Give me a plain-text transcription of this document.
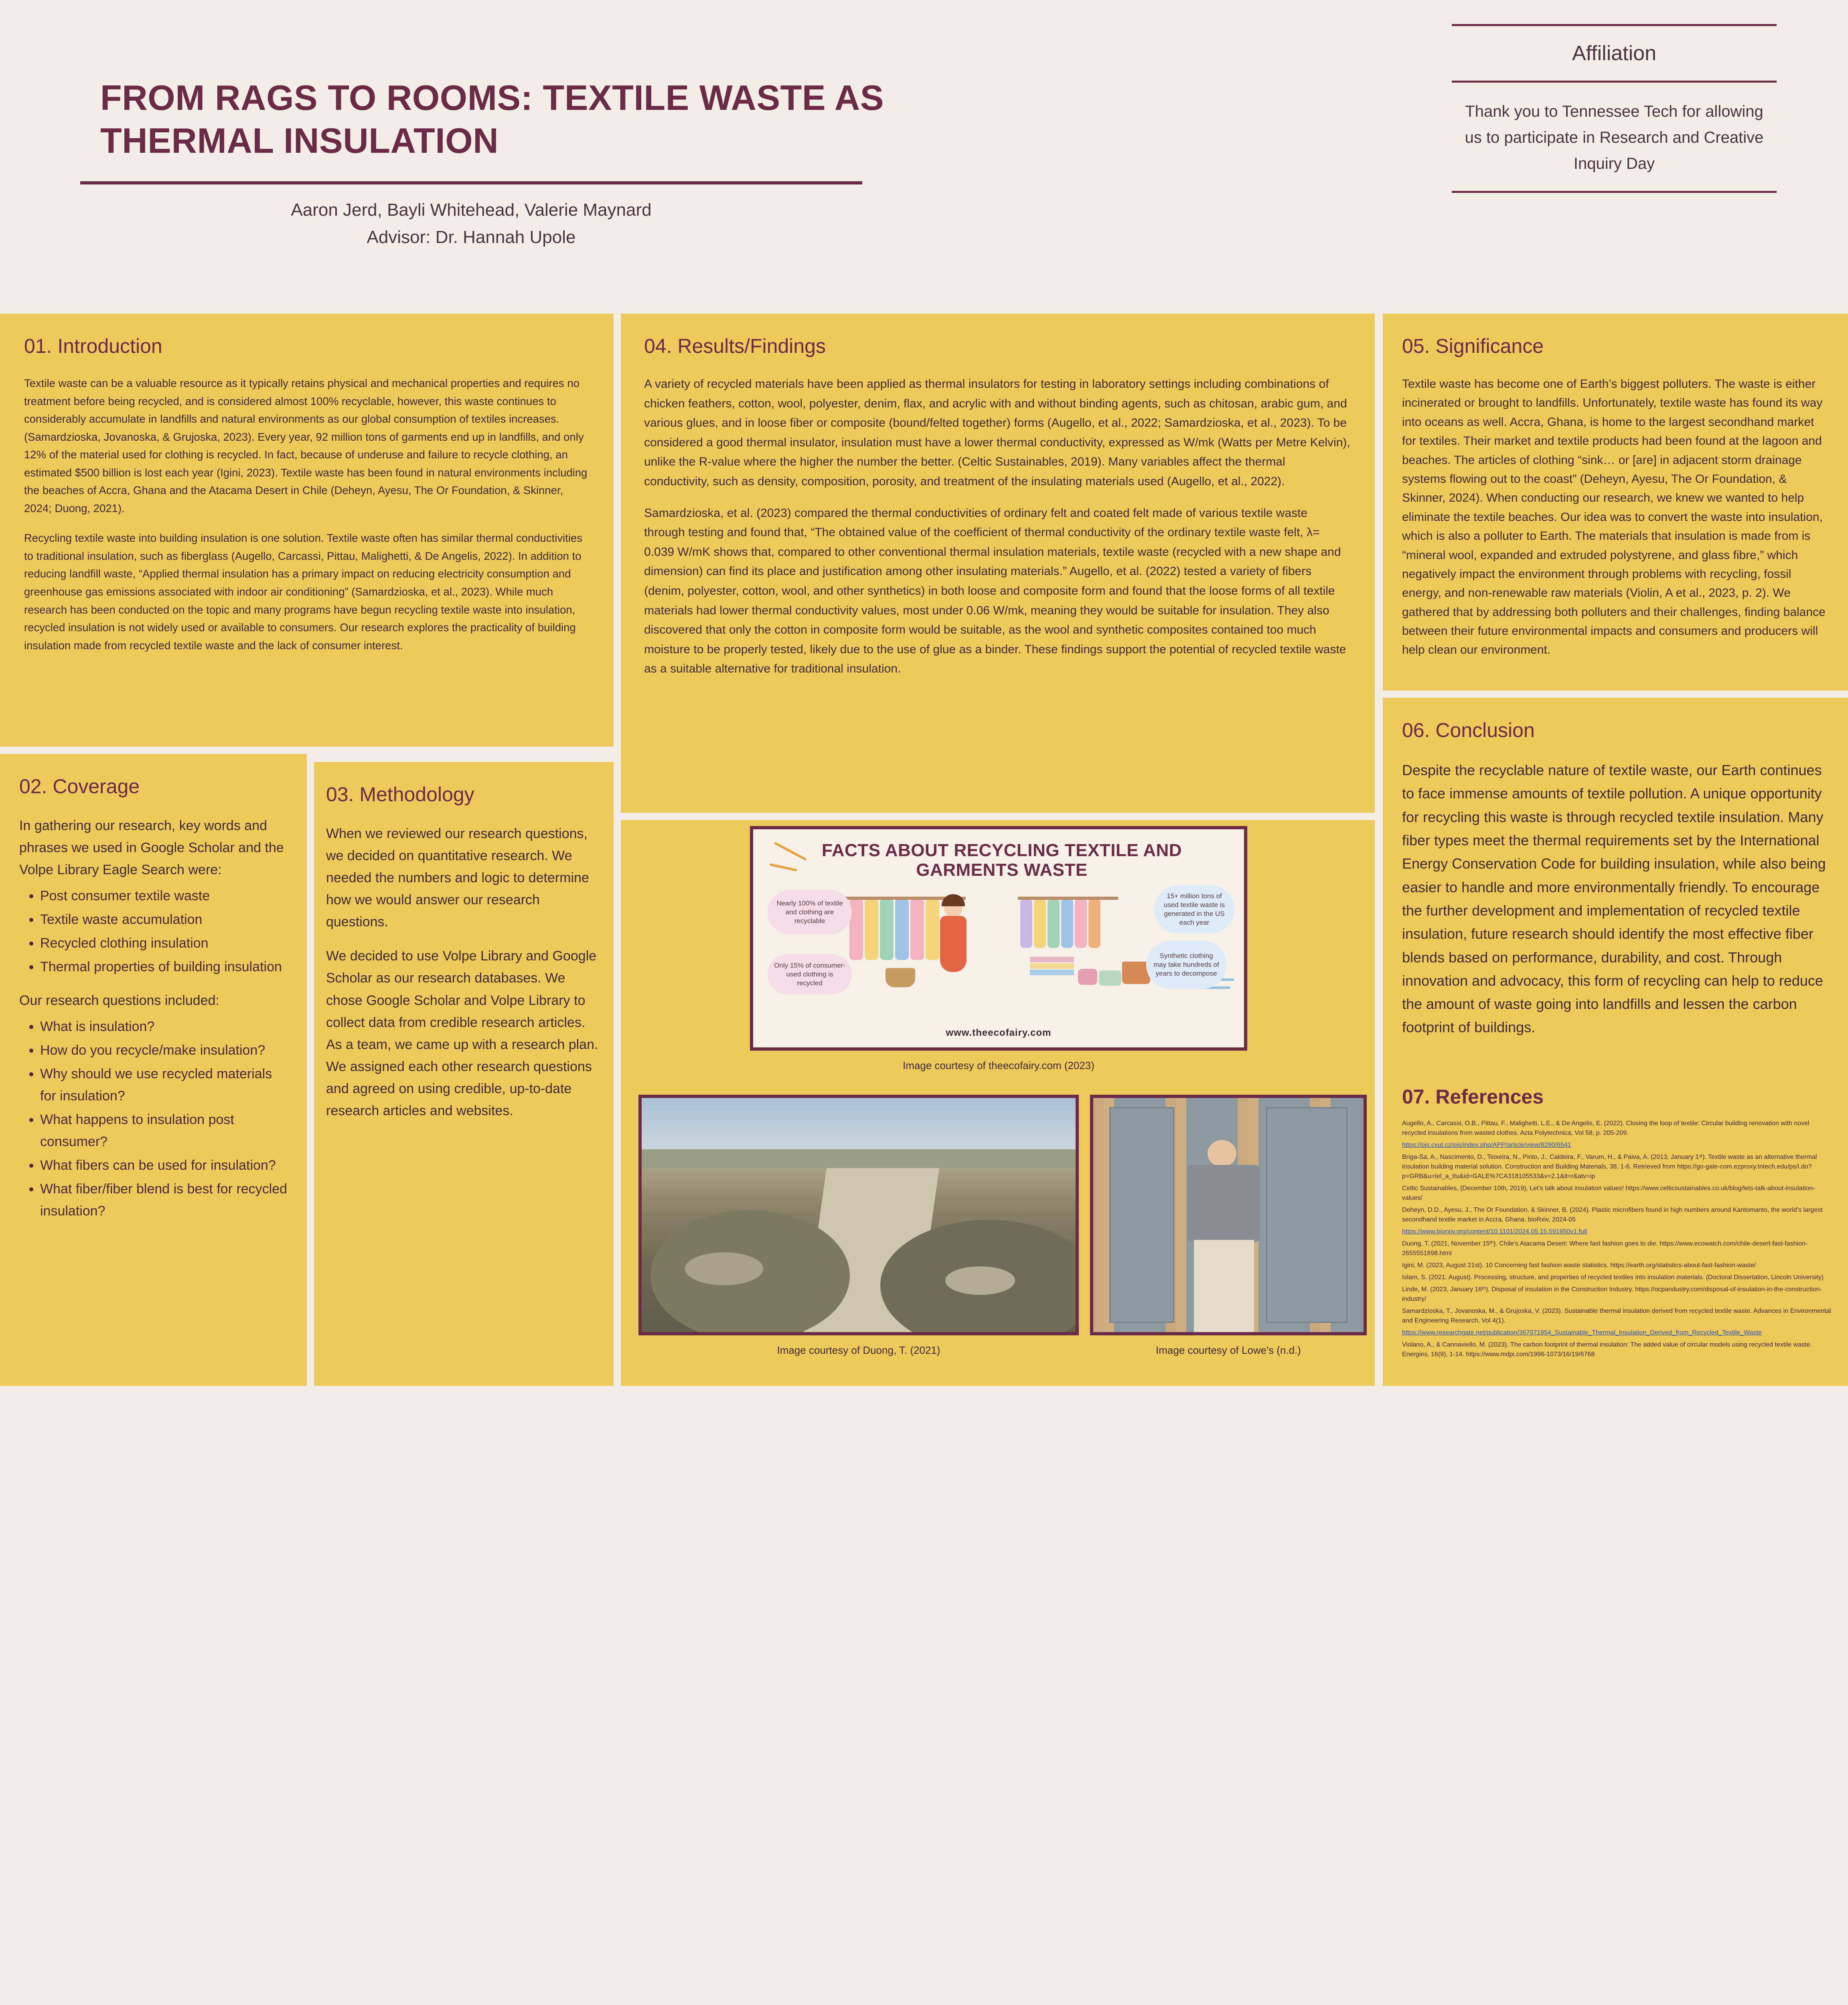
FROM RAGS TO ROOMS: TEXTILE WASTE AS THERMAL INSULATION
Aaron Jerd, Bayli Whitehead, Valerie Maynard
Advisor: Dr. Hannah Upole
Affiliation
Thank you to Tennessee Tech for allowing us to participate in Research and Creative Inquiry Day
01. Introduction
Textile waste can be a valuable resource as it typically retains physical and mechanical properties and requires no treatment before being recycled, and is considered almost 100% recyclable, however, this waste continues to considerably accumulate in landfills and natural environments as our global consumption of textiles increases. (Samardzioska, Jovanoska, & Grujoska, 2023). Every year, 92 million tons of garments end up in landfills, and only 12% of the material used for clothing is recycled. In fact, because of underuse and failure to recycle clothing, an estimated $500 billion is lost each year (Igini, 2023). Textile waste has been found in natural environments including the beaches of Accra, Ghana and the Atacama Desert in Chile (Deheyn, Ayesu, The Or Foundation, & Skinner, 2024; Duong, 2021).
Recycling textile waste into building insulation is one solution. Textile waste often has similar thermal conductivities to traditional insulation, such as fiberglass (Augello, Carcassi, Pittau, Malighetti, & De Angelis, 2022). In addition to reducing landfill waste, “Applied thermal insulation has a primary impact on reducing electricity consumption and greenhouse gas emissions associated with indoor air conditioning” (Samardzioska, et al., 2023). While much research has been conducted on the topic and many programs have begun recycling textile waste into insulation, recycled insulation is not widely used or available to consumers. Our research explores the practicality of building insulation made from recycled textile waste and the lack of consumer interest.
02. Coverage
In gathering our research, key words and phrases we used in Google Scholar and the Volpe Library Eagle Search were:
• Post consumer textile waste
• Textile waste accumulation
• Recycled clothing insulation
• Thermal properties of building insulation
Our research questions included:
• What is insulation?
• How do you recycle/make insulation?
• Why should we use recycled materials for insulation?
• What happens to insulation post consumer?
• What fibers can be used for insulation?
• What fiber/fiber blend is best for recycled insulation?
03. Methodology
When we reviewed our research questions, we decided on quantitative research. We needed the numbers and logic to determine how we would answer our research questions.
We decided to use Volpe Library and Google Scholar as our research databases. We chose Google Scholar and Volpe Library to collect data from credible research articles. As a team, we came up with a research plan. We assigned each other research questions and agreed on using credible, up-to-date research articles and websites.
04. Results/Findings
A variety of recycled materials have been applied as thermal insulators for testing in laboratory settings including combinations of chicken feathers, cotton, wool, polyester, denim, flax, and acrylic with and without binding agents, such as chitosan, arabic gum, and various glues, and in loose fiber or composite (bound/felted together) forms (Augello, et al., 2022; Samardzioska, et al., 2023). To be considered a good thermal insulator, insulation must have a lower thermal conductivity, expressed as W/mk (Watts per Metre Kelvin), unlike the R-value where the higher the number the better. (Celtic Sustainables, 2019). Many variables affect the thermal conductivity, such as density, composition, porosity, and treatment of the insulating materials used (Augello, et al., 2022).
Samardzioska, et al. (2023) compared the thermal conductivities of ordinary felt and coated felt made of various textile waste through testing and found that, “The obtained value of the coefficient of thermal conductivity of the ordinary textile waste felt, λ= 0.039 W/mK shows that, compared to other conventional thermal insulation materials, textile waste (recycled with a new shape and dimension) can find its place and justification among other insulating materials.” Augello, et al. (2022) tested a variety of fibers (denim, polyester, cotton, wool, and other synthetics) in both loose and composite form and found that the loose forms of all textile materials had lower thermal conductivity values, most under 0.06 W/mk, meaning they would be suitable for insulation. They also discovered that only the cotton in composite form would be suitable, as the wool and synthetic composites contained too much moisture to be properly tested, likely due to the use of glue as a binder. These findings support the potential of recycled textile waste as a suitable alternative for traditional insulation.
FACTS ABOUT RECYCLING TEXTILE AND GARMENTS WASTE
Nearly 100% of textile and clothing are recyclable
Only 15% of consumer-used clothing is recycled
15+ million tons of used textile waste is generated in the US each year
Synthetic clothing may take hundreds of years to decompose
www.theecofairy.com
Image courtesy of theecofairy.com (2023)
Image courtesy of Duong, T. (2021)	Image courtesy of Lowe's (n.d.)
05. Significance
Textile waste has become one of Earth’s biggest polluters. The waste is either incinerated or brought to landfills. Unfortunately, textile waste has found its way into oceans as well. Accra, Ghana, is home to the largest secondhand market for textiles. Their market and textile products had been found at the lagoon and beaches. The articles of clothing “sink… or [are] in adjacent storm drainage systems flowing out to the coast” (Deheyn, Ayesu, The Or Foundation, & Skinner, 2024). When conducting our research, we knew we wanted to help eliminate the textile beaches. Our idea was to convert the waste into insulation, which is also a polluter to Earth. The materials that insulation is made from is “mineral wool, expanded and extruded polystyrene, and glass fibre,” which negatively impact the environment through problems with recycling, fossil energy, and non-renewable raw materials (Violin, A et al., 2023, p. 2). We gathered that by addressing both polluters and their challenges, finding balance between their future environmental impacts and consumers and producers will help clean our environment.
06. Conclusion
Despite the recyclable nature of textile waste, our Earth continues to face immense amounts of textile pollution. A unique opportunity for recycling this waste is through recycled textile insulation. Many fiber types meet the thermal requirements set by the International Energy Conservation Code for building insulation, while also being easier to handle and more environmentally friendly. To encourage the further development and implementation of recycled textile insulation, future research should identify the most effective fiber blends based on performance, durability, and cost. Through innovation and advocacy, this form of recycling can help to reduce the amount of waste going into landfills and lessen the carbon footprint of buildings.
07. References
Augello, A., Carcassi, O.B., Pittau, F., Malighetti, L.E., & De Angelis, E. (2022). Closing the loop of textile: Circular building renovation with novel recycled insulations from wasted clothes. Acta Polytechnica, Vol 58, p. 205-209.
https://ojs.cvut.cz/ojs/index.php/APP/article/view/8290/6541
Briga-Sa, A., Nascimento, D., Teixeira, N., Pinto, J., Caldeira, F., Varum, H., & Paiva, A. (2013, January 1ˢᵗ). Textile waste as an alternative thermal insulation building material solution. Construction and Building Materials, 38, 1-6. Retrieved from https://go-gale-com.ezproxy.tntech.edu/ps/i.do?p=GRB&u=tel_a_ttu&id=GALE%7CA318105533&v=2.1&it=r&atv=ip
Celtic Sustainables, (December 10th, 2019), Let’s talk about insulation values! https://www.celticsustainables.co.uk/blog/lets-talk-about-insulation-values/
Deheyn, D.D., Ayesu, J., The Or Foundation, & Skinner, B. (2024). Plastic microfibers found in high numbers around Kantomanto, the world’s largest secondhand textile market in Accra, Ghana. bioRxiv, 2024-05
https://www.biorxiv.org/content/10.1101/2024.05.15.591950v1.full
Duong, T. (2021, November 15ᵗʰ). Chile’s Atacama Desert: Where fast fashion goes to die. https://www.ecowatch.com/chile-desert-fast-fashion-2655551898.html
Igini, M. (2023, August 21st). 10 Concerning fast fashion waste statistics. https://earth.org/statistics-about-fast-fashion-waste/
Islam, S. (2021, August). Processing, structure, and properties of recycled textiles into insulation materials. (Doctoral Dissertation, Lincoln University)
Linde, M. (2023, January 16ᵗʰ). Disposal of insulation in the Construction Industry. https://ocpandustry.com/disposal-of-insulation-in-the-construction-industry/
Samardzioska, T., Jovanoska, M., & Grujoska, V. (2023). Sustainable thermal insulation derived from recycled textile waste. Advances in Environmental and Engineering Research, Vol 4(1).
https://www.researchgate.net/publication/367071954_Sustainable_Thermal_Insulation_Derived_from_Recycled_Textile_Waste
Violano, A., & Cannaviello, M. (2023). The carbon footprint of thermal insulation: The added value of circular models using recycled textile waste. Energies, 16(9), 1-14. https://www.mdpi.com/1996-1073/16/19/6768
